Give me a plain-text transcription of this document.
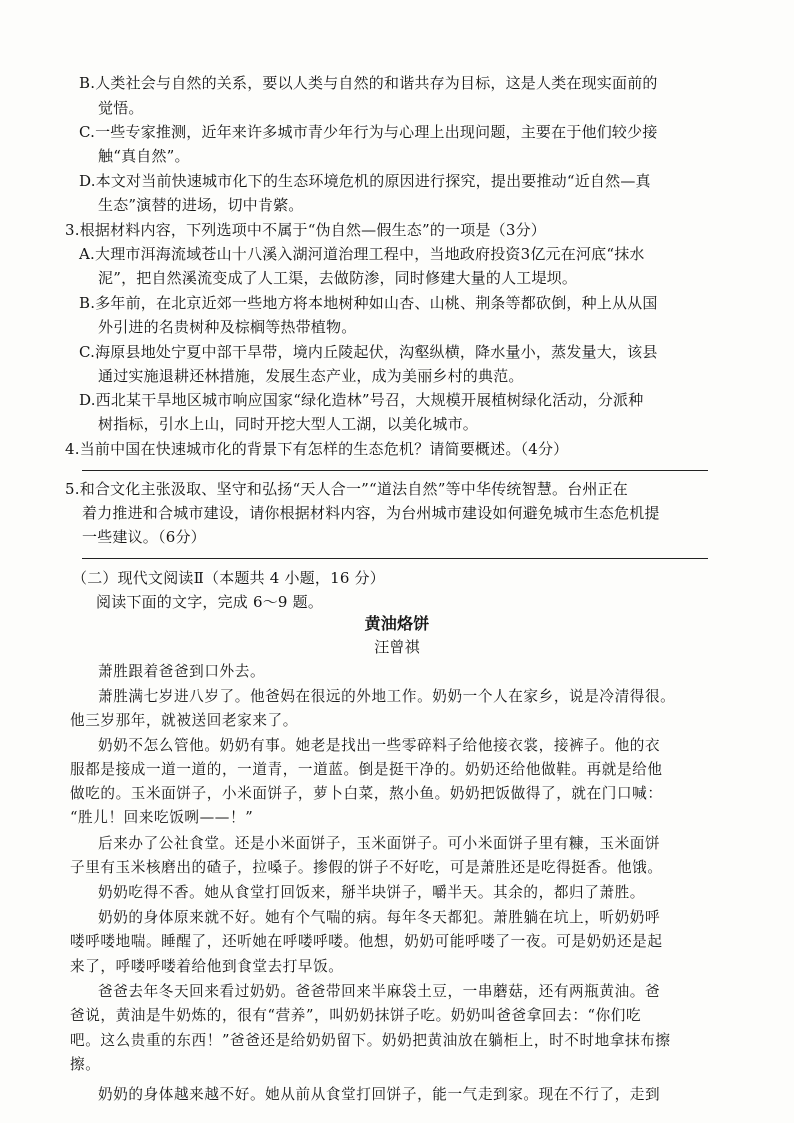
B.人类社会与自然的关系，要以人类与自然的和谐共存为目标，这是人类在现实面前的
觉悟。
C.一些专家推测，近年来许多城市青少年行为与心理上出现问题，主要在于他们较少接
触“真自然”。
D.本文对当前快速城市化下的生态环境危机的原因进行探究，提出要推动“近自然—真
生态”演替的进场，切中肯綮。
3.根据材料内容，下列选项中不属于“伪自然—假生态”的一项是（3分）
A.大理市洱海流域苍山十八溪入湖河道治理工程中，当地政府投资3亿元在河底“抹水
泥”，把自然溪流变成了人工渠，去做防渗，同时修建大量的人工堤坝。
B.多年前，在北京近郊一些地方将本地树种如山杏、山桃、荆条等都砍倒，种上从从国
外引进的名贵树种及棕榈等热带植物。
C.海原县地处宁夏中部干旱带，境内丘陵起伏，沟壑纵横，降水量小，蒸发量大，该县
通过实施退耕还林措施，发展生态产业，成为美丽乡村的典范。
D.西北某干旱地区城市响应国家“绿化造林”号召，大规模开展植树绿化活动，分派种
树指标，引水上山，同时开挖大型人工湖，以美化城市。
4.当前中国在快速城市化的背景下有怎样的生态危机？请简要概述。（4分）
5.和合文化主张汲取、坚守和弘扬“天人合一”“道法自然”等中华传统智慧。台州正在
着力推进和合城市建设，请你根据材料内容，为台州城市建设如何避免城市生态危机提
一些建议。（6分）
（二）现代文阅读Ⅱ（本题共 4 小题，16 分）
阅读下面的文字，完成 6～9 题。
黄油烙饼
汪曾祺
萧胜跟着爸爸到口外去。
萧胜满七岁进八岁了。他爸妈在很远的外地工作。奶奶一个人在家乡，说是冷清得很。
他三岁那年，就被送回老家来了。
奶奶不怎么管他。奶奶有事。她老是找出一些零碎料子给他接衣裳，接裤子。他的衣
服都是接成一道一道的，一道青，一道蓝。倒是挺干净的。奶奶还给他做鞋。再就是给他
做吃的。玉米面饼子，小米面饼子，萝卜白菜，熬小鱼。奶奶把饭做得了，就在门口喊：
“胜儿！回来吃饭咧——！”
后来办了公社食堂。还是小米面饼子，玉米面饼子。可小米面饼子里有糠，玉米面饼
子里有玉米核磨出的碴子，拉嗓子。掺假的饼子不好吃，可是萧胜还是吃得挺香。他饿。
奶奶吃得不香。她从食堂打回饭来，掰半块饼子，嚼半天。其余的，都归了萧胜。
奶奶的身体原来就不好。她有个气喘的病。每年冬天都犯。萧胜躺在坑上，听奶奶呼
喽呼喽地喘。睡醒了，还听她在呼喽呼喽。他想，奶奶可能呼喽了一夜。可是奶奶还是起
来了，呼喽呼喽着给他到食堂去打早饭。
爸爸去年冬天回来看过奶奶。爸爸带回来半麻袋土豆，一串蘑菇，还有两瓶黄油。爸
爸说，黄油是牛奶炼的，很有“营养”，叫奶奶抹饼子吃。奶奶叫爸爸拿回去：“你们吃
吧。这么贵重的东西！”爸爸还是给奶奶留下。奶奶把黄油放在躺柜上，时不时地拿抹布擦
擦。
奶奶的身体越来越不好。她从前从食堂打回饼子，能一气走到家。现在不行了，走到
